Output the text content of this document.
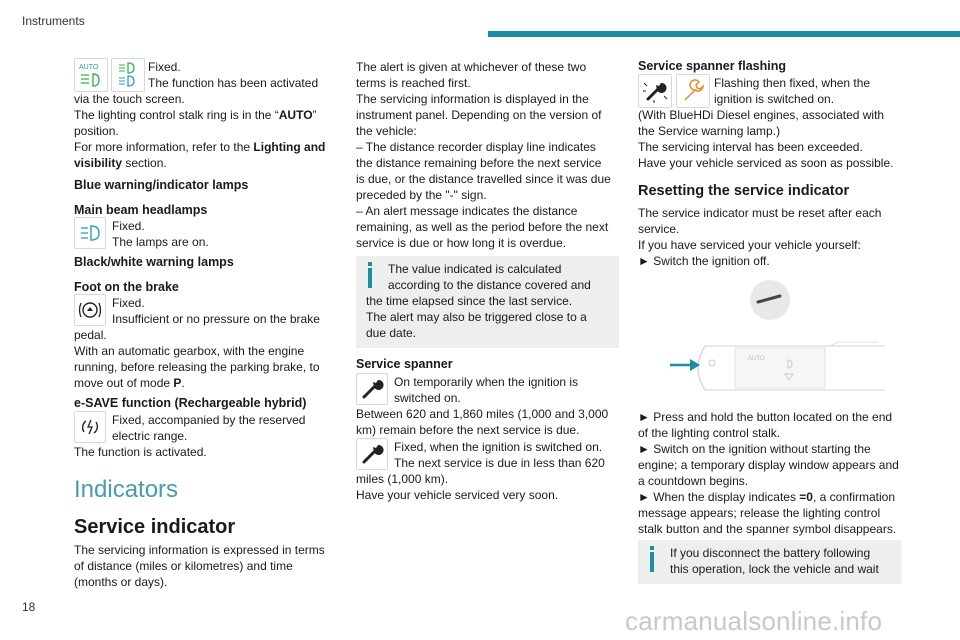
Instruments
AUTO	Fixed.

The function has been activated

via the touch screen.

The lighting control stalk ring is in the “AUTO”

position.

For more information, refer to the Lighting and

visibility section.

Blue warning/indicator lamps
Main beam headlamps

Fixed.

The lamps are on.

Black/white warning lamps
Foot on the brake

Fixed.

Insufficient or no pressure on the brake

pedal.

With an automatic gearbox, with the engine

running, before releasing the parking brake, to

move out of mode P.

e-SAVE function (Rechargeable hybrid)

Fixed, accompanied by the reserved

electric range.

The function is activated.

Indicators
Service indicator

The servicing information is expressed in terms

of distance (miles or kilometres) and time

(months or days).

The alert is given at whichever of these two

terms is reached first.

The servicing information is displayed in the

instrument panel. Depending on the version of

the vehicle:

– The distance recorder display line indicates

the distance remaining before the next service

is due, or the distance travelled since it was due

preceded by the "-" sign.

– An alert message indicates the distance

remaining, as well as the period before the next

service is due or how long it is overdue.

The value indicated is calculated

according to the distance covered and

the time elapsed since the last service.

The alert may also be triggered close to a

due date.

Service spanner

On temporarily when the ignition is

switched on.

Between 620 and 1,860 miles (1,000 and 3,000

km) remain before the next service is due.

Fixed, when the ignition is switched on.

The next service is due in less than 620

miles (1,000 km).

Have your vehicle serviced very soon.

Service spanner flashing

Flashing then fixed, when the

ignition is switched on.

(With BlueHDi Diesel engines, associated with

the Service warning lamp.)

The servicing interval has been exceeded.

Have your vehicle serviced as soon as possible.

Resetting the service indicator

The service indicator must be reset after each

service.

If you have serviced your vehicle yourself:

► Switch the ignition off.

AUTO

► Press and hold the button located on the end

of the lighting control stalk.

► Switch on the ignition without starting the

engine; a temporary display window appears and

a countdown begins.

► When the display indicates =0, a confirmation

message appears; release the lighting control

stalk button and the spanner symbol disappears.

If you disconnect the battery following

this operation, lock the vehicle and wait

18	carmanualsonline.info
